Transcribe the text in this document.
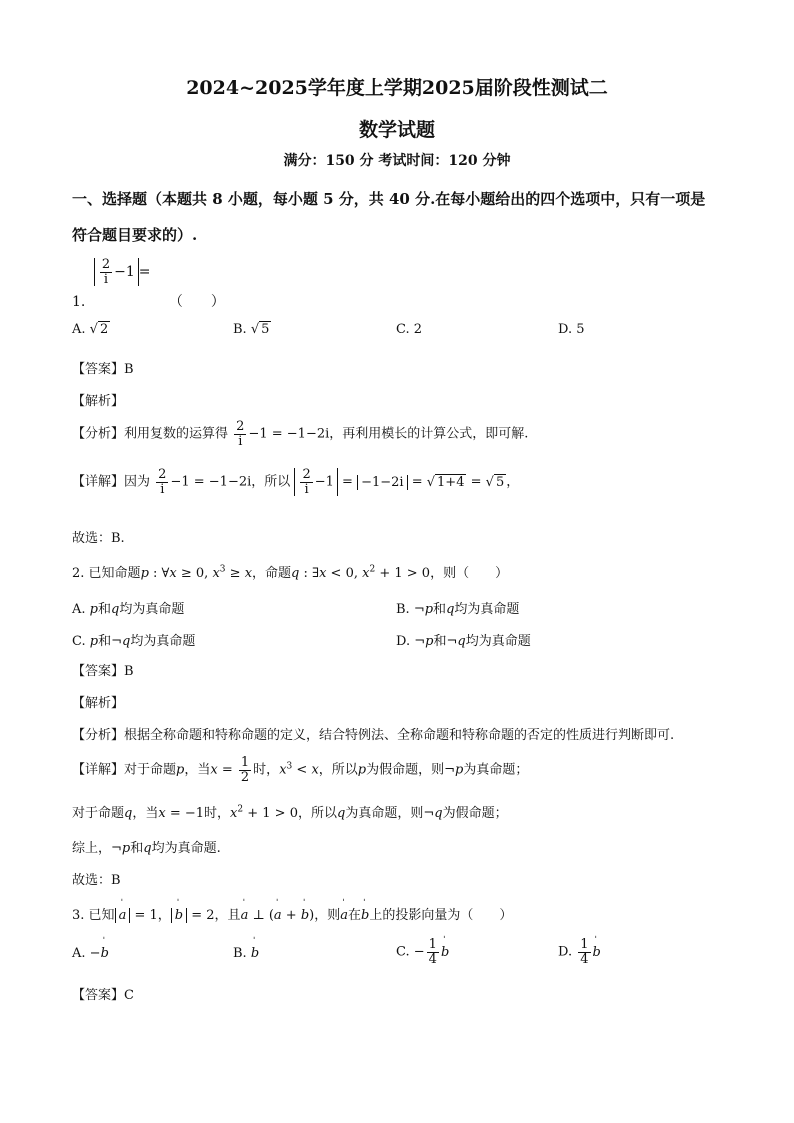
2024~2025学年度上学期2025届阶段性测试二
数学试题
满分：150 分 考试时间：120 分钟
一、选择题（本题共 8 小题，每小题 5 分，共 40 分.在每小题给出的四个选项中，只有一项是
符合题目要求的）.
1.
$\frac{2}{i} -1=$ （　　）
A. √ 2	B. √ 5	C. 2	D. 5
【答案】B
【解析】
【分析】利用复数的运算得 $\frac{2}{i} -1 = -1-2i$，再利用模长的计算公式，即可解.
【详解】因为 $\frac{2}{i} -1 = -1-2i$，所以 $\frac{2}{i} -1 = -1-2i$ = √ 1+4 = √ 5 ，
故选：B.
2. 已知命题p : ∀x ≥ 0, $x^3 \ge x$，命题q : ∃x < 0, $x^2 + 1 > 0$，则（　　）
A. p和q均为真命题	B. ¬p和q均为真命题
C. p和¬q均为真命题	D. ¬p和¬q均为真命题
【答案】B
【解析】
【分析】根据全称命题和特称命题的定义，结合特例法、全称命题和特称命题的否定的性质进行判断即可.
【详解】对于命题p，当$x = \frac{1}{2}$ 时，$x^3 < x$，所以p为假命题，则¬p为真命题；
对于命题q，当x = −1时，$x^2 + 1 > 0$，所以q为真命题，则¬q为假命题；
综上，¬p和q均为真命题.
故选：B
3. 已知 ˈ a = 1， ˈ b = 2，且ˈ a ⊥ (ˈ a + ˈ b)，则ˈ a在ˈ b上的投影向量为（　　）
A. −ˈ b	B. ˈ b	C. − $\frac{1}{4}$ ˈ b	D. $\frac{1}{4}$ ˈ b
【答案】C
